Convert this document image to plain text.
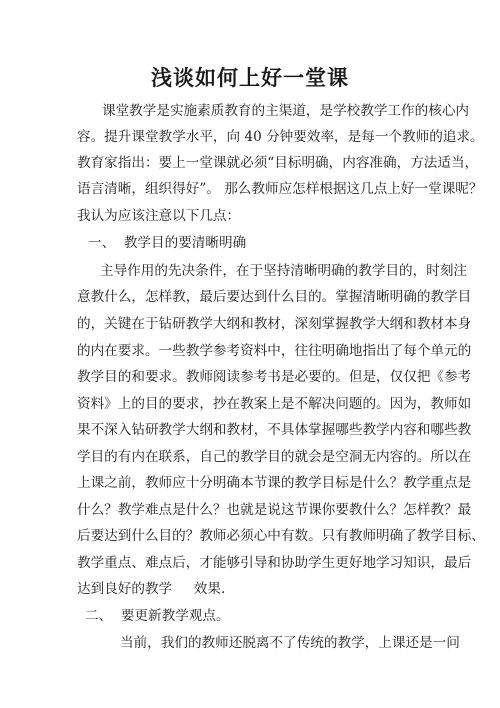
浅谈如何上好一堂课

课堂教学是实施素质教育的主渠道，是学校教学工作的核心内

容。提升课堂教学水平，向 40 分钟要效率，是每一个教师的追求。

教育家指出：要上一堂课就必须“目标明确，内容准确，方法适当，

语言清晰，组织得好”。 那么教师应怎样根据这几点上好一堂课呢？

我认为应该注意以下几点：

一、  教学目的要清晰明确

主导作用的先决条件，在于坚持清晰明确的教学目的，时刻注

意教什么，怎样教，最后要达到什么目的。掌握清晰明确的教学目

的，关键在于钻研教学大纲和教材，深刻掌握教学大纲和教材本身

的内在要求。一些教学参考资料中，往往明确地指出了每个单元的

教学目的和要求。教师阅读参考书是必要的。但是，仅仅把《参考

资料》上的目的要求，抄在教案上是不解决问题的。因为，教师如

果不深入钻研教学大纲和教材，不具体掌握哪些教学内容和哪些教

学目的有内在联系，自己的教学目的就会是空洞无内容的。所以在

上课之前，教师应十分明确本节课的教学目标是什么？教学重点是

什么？教学难点是什么？也就是说这节课你要教什么？怎样教？最

后要达到什么目的？教师必须心中有数。只有教师明确了教学目标、

教学重点、难点后，才能够引导和协助学生更好地学习知识，最后

达到良好的教学     效果.

二、  要更新教学观点。

当前，我们的教师还脱离不了传统的教学，上课还是一问
